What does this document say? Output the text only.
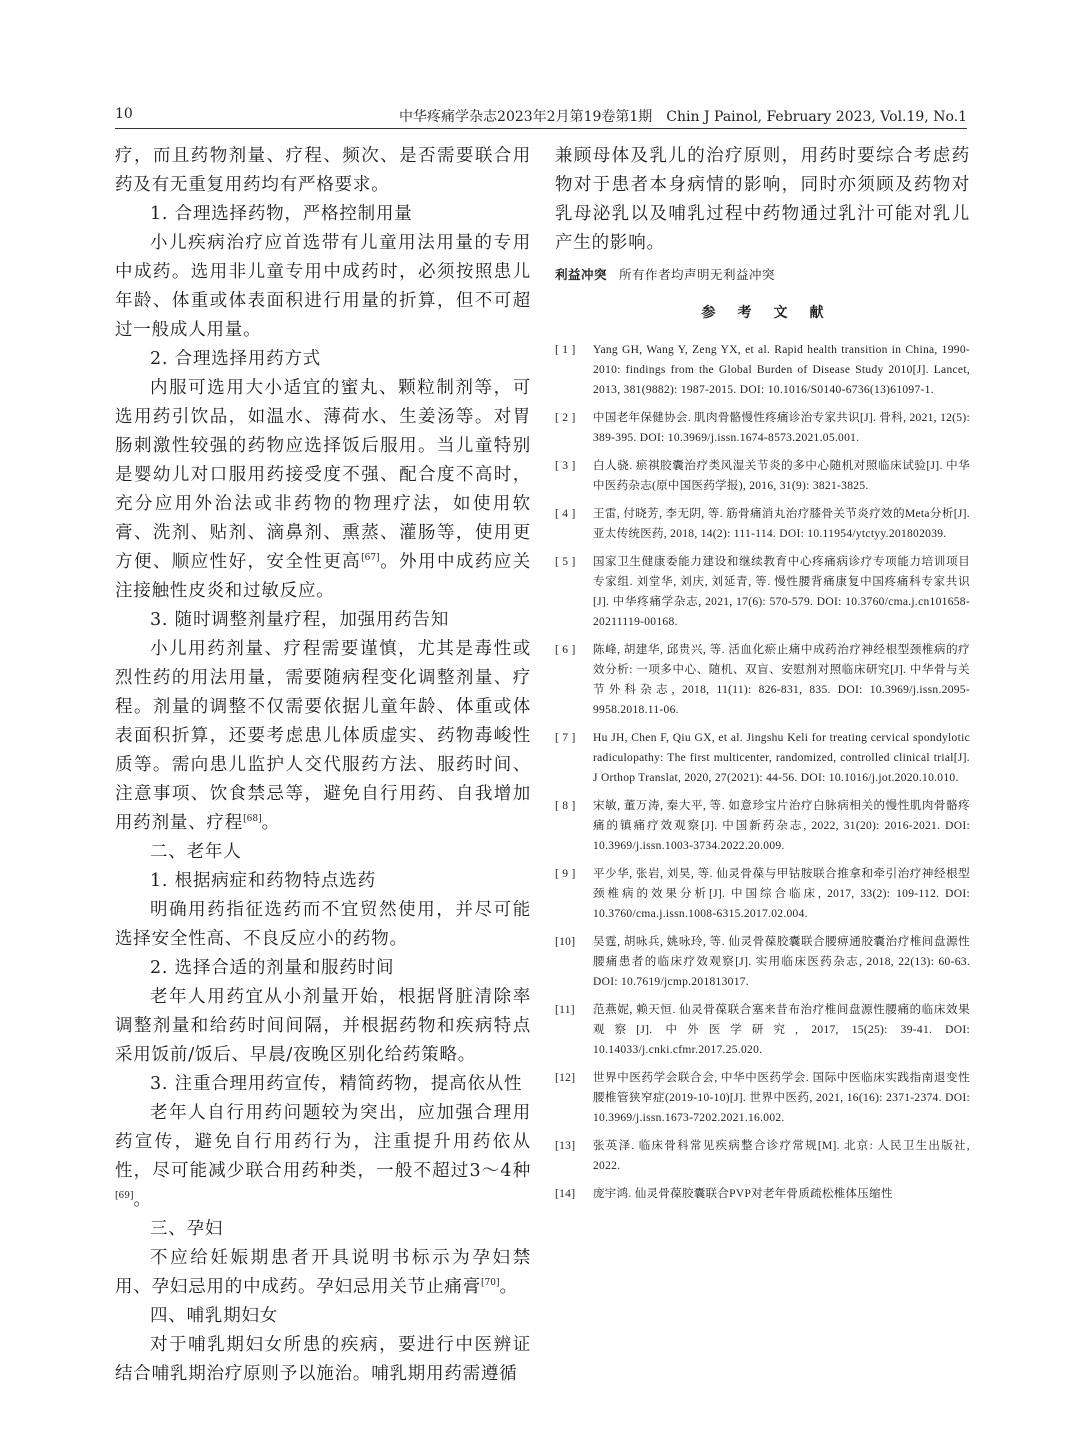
10	中华疼痛学杂志2023年2月第19卷第1期　Chin J Painol, February 2023, Vol.19, No.1

疗，而且药物剂量、疗程、频次、是否需要联合用药及有无重复用药均有严格要求。

1. 合理选择药物，严格控制用量

小儿疾病治疗应首选带有儿童用法用量的专用中成药。选用非儿童专用中成药时，必须按照患儿年龄、体重或体表面积进行用量的折算，但不可超过一般成人用量。

2. 合理选择用药方式

内服可选用大小适宜的蜜丸、颗粒制剂等，可选用药引饮品，如温水、薄荷水、生姜汤等。对胃肠刺激性较强的药物应选择饭后服用。当儿童特别是婴幼儿对口服用药接受度不强、配合度不高时，充分应用外治法或非药物的物理疗法，如使用软膏、洗剂、贴剂、滴鼻剂、熏蒸、灌肠等，使用更方便、顺应性好，安全性更高[67]。外用中成药应关注接触性皮炎和过敏反应。

3. 随时调整剂量疗程，加强用药告知

小儿用药剂量、疗程需要谨慎，尤其是毒性或烈性药的用法用量，需要随病程变化调整剂量、疗程。剂量的调整不仅需要依据儿童年龄、体重或体表面积折算，还要考虑患儿体质虚实、药物毒峻性质等。需向患儿监护人交代服药方法、服药时间、注意事项、饮食禁忌等，避免自行用药、自我增加用药剂量、疗程[68]。

二、老年人

1. 根据病症和药物特点选药

明确用药指征选药而不宜贸然使用，并尽可能选择安全性高、不良反应小的药物。

2. 选择合适的剂量和服药时间

老年人用药宜从小剂量开始，根据肾脏清除率调整剂量和给药时间间隔，并根据药物和疾病特点采用饭前/饭后、早晨/夜晚区别化给药策略。

3. 注重合理用药宣传，精简药物，提高依从性

老年人自行用药问题较为突出，应加强合理用药宣传，避免自行用药行为，注重提升用药依从性，尽可能减少联合用药种类，一般不超过3～4种[69]。

三、孕妇

不应给妊娠期患者开具说明书标示为孕妇禁用、孕妇忌用的中成药。孕妇忌用关节止痛膏[70]。

四、哺乳期妇女

对于哺乳期妇女所患的疾病，要进行中医辨证结合哺乳期治疗原则予以施治。哺乳期用药需遵循

兼顾母体及乳儿的治疗原则，用药时要综合考虑药物对于患者本身病情的影响，同时亦须顾及药物对乳母泌乳以及哺乳过程中药物通过乳汁可能对乳儿产生的影响。

利益冲突 所有作者均声明无利益冲突
参考文献
[ 1 ] Yang GH, Wang Y, Zeng YX, et al. Rapid health transition in China, 1990-2010: findings from the Global Burden of Disease Study 2010[J]. Lancet, 2013, 381(9882): 1987-2015. DOI: 10.1016/S0140-6736(13)61097-1.
[ 2 ] 中国老年保健协会. 肌肉骨骼慢性疼痛诊治专家共识[J]. 骨科, 2021, 12(5): 389-395. DOI: 10.3969/j.issn.1674-8573.2021.05.001.
[ 3 ] 白人骁. 瘀祺胶囊治疗类风湿关节炎的多中心随机对照临床试验[J]. 中华中医药杂志(原中国医药学报), 2016, 31(9): 3821-3825.
[ 4 ] 王雷, 付晓芳, 李无阴, 等. 筋骨痛消丸治疗膝骨关节炎疗效的Meta分析[J]. 亚太传统医药, 2018, 14(2): 111-114. DOI: 10.11954/ytctyy.201802039.
[ 5 ] 国家卫生健康委能力建设和继续教育中心疼痛病诊疗专项能力培训项目专家组. 刘堂华, 刘庆, 刘延青, 等. 慢性腰背痛康复中国疼痛科专家共识[J]. 中华疼痛学杂志, 2021, 17(6): 570-579. DOI: 10.3760/cma.j.cn101658-20211119-00168.
[ 6 ] 陈峰, 胡建华, 邱贵兴, 等. 活血化瘀止痛中成药治疗神经根型颈椎病的疗效分析: 一项多中心、随机、双盲、安慰剂对照临床研究[J]. 中华骨与关节外科杂志, 2018, 11(11): 826-831, 835. DOI: 10.3969/j.issn.2095-9958.2018.11-06.
[ 7 ] Hu JH, Chen F, Qiu GX, et al. Jingshu Keli for treating cervical spondylotic radiculopathy: The first multicenter, randomized, controlled clinical trial[J]. J Orthop Translat, 2020, 27(2021): 44-56. DOI: 10.1016/j.jot.2020.10.010.
[ 8 ] 宋敏, 董万涛, 秦大平, 等. 如意珍宝片治疗白脉病相关的慢性肌肉骨骼疼痛的镇痛疗效观察[J]. 中国新药杂志, 2022, 31(20): 2016-2021. DOI: 10.3969/j.issn.1003-3734.2022.20.009.
[ 9 ] 平少华, 张岩, 刘昊, 等. 仙灵骨葆与甲钴胺联合推拿和牵引治疗神经根型颈椎病的效果分析[J]. 中国综合临床, 2017, 33(2): 109-112. DOI: 10.3760/cma.j.issn.1008-6315.2017.02.004.
[10] 吴霆, 胡咏兵, 姚咏玲, 等. 仙灵骨葆胶囊联合腰痹通胶囊治疗椎间盘源性腰痛患者的临床疗效观察[J]. 实用临床医药杂志, 2018, 22(13): 60-63. DOI: 10.7619/jcmp.201813017.
[11] 范燕妮, 赖天恒. 仙灵骨葆联合塞来昔布治疗椎间盘源性腰痛的临床效果观察[J]. 中外医学研究, 2017, 15(25): 39-41. DOI: 10.14033/j.cnki.cfmr.2017.25.020.
[12] 世界中医药学会联合会, 中华中医药学会. 国际中医临床实践指南退变性腰椎管狭窄症(2019-10-10)[J]. 世界中医药, 2021, 16(16): 2371-2374. DOI: 10.3969/j.issn.1673-7202.2021.16.002.
[13] 张英泽. 临床骨科常见疾病整合诊疗常规[M]. 北京: 人民卫生出版社, 2022.
[14] 庞宇鸿. 仙灵骨葆胶囊联合PVP对老年骨质疏松椎体压缩性
